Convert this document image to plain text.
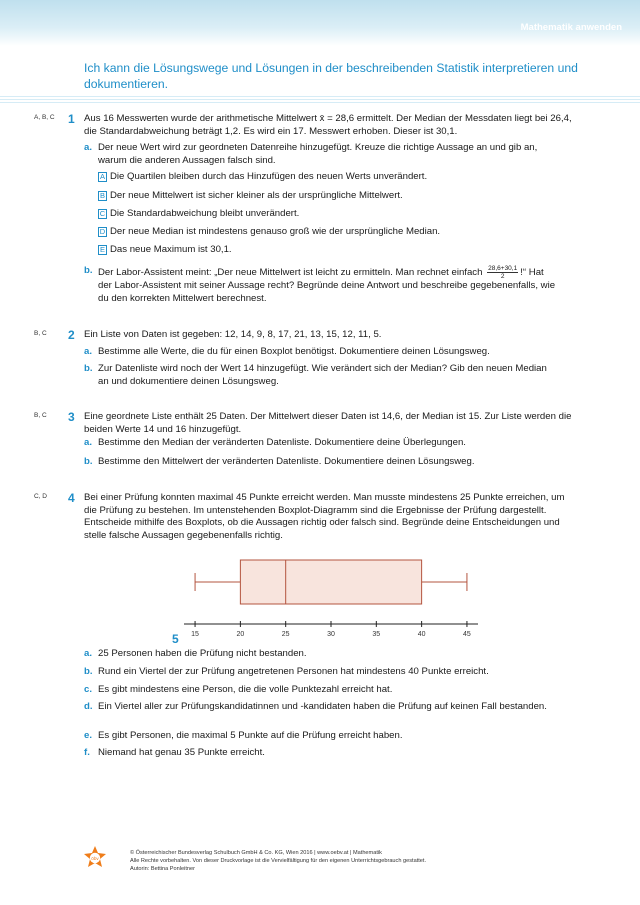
Mathematik anwenden
Ich kann die Lösungswege und Lösungen in der beschreibenden Statistik interpretieren und dokumentieren.
A, B, C 1 Aus 16 Messwerten wurde der arithmetische Mittelwert x̄ = 28,6 ermittelt. Der Median der Messdaten liegt bei 26,4, die Standardabweichung beträgt 1,2. Es wird ein 17. Messwert erhoben. Dieser ist 30,1.
a. Der neue Wert wird zur geordneten Datenreihe hinzugefügt. Kreuze die richtige Aussage an und gib an, warum die anderen Aussagen falsch sind.
A Die Quartilen bleiben durch das Hinzufügen des neuen Werts unverändert.
B Der neue Mittelwert ist sicher kleiner als der ursprüngliche Mittelwert.
C Die Standardabweichung bleibt unverändert.
D Der neue Median ist mindestens genauso groß wie der ursprüngliche Median.
E Das neue Maximum ist 30,1.
b. Der Labor-Assistent meint: „Der neue Mittelwert ist leicht zu ermitteln. Man rechnet einfach $\frac{28,6+30,1}{2}$ !“ Hat der Labor-Assistent mit seiner Aussage recht? Begründe deine Antwort und beschreibe gegebenenfalls, wie du den korrekten Mittelwert berechnest.
B, C 2 Ein Liste von Daten ist gegeben: 12, 14, 9, 8, 17, 21, 13, 15, 12, 11, 5.
a. Bestimme alle Werte, die du für einen Boxplot benötigst. Dokumentiere deinen Lösungsweg.
b. Zur Datenliste wird noch der Wert 14 hinzugefügt. Wie verändert sich der Median? Gib den neuen Median an und dokumentiere deinen Lösungsweg.
B, C 3 Eine geordnete Liste enthält 25 Daten. Der Mittelwert dieser Daten ist 14,6, der Median ist 15. Zur Liste werden die beiden Werte 14 und 16 hinzugefügt.
a. Bestimme den Median der veränderten Datenliste. Dokumentiere deine Überlegungen.
b. Bestimme den Mittelwert der veränderten Datenliste. Dokumentiere deinen Lösungsweg.
C, D 4 Bei einer Prüfung konnten maximal 45 Punkte erreicht werden. Man musste mindestens 25 Punkte erreichen, um die Prüfung zu bestehen. Im untenstehenden Boxplot-Diagramm sind die Ergebnisse der Prüfung dargestellt. Entscheide mithilfe des Boxplots, ob die Aussagen richtig oder falsch sind. Begründe deine Entscheidungen und stelle falsche Aussagen gegebenenfalls richtig.
15	20	25	30	35	40	45
5
a. 25 Personen haben die Prüfung nicht bestanden.
b. Rund ein Viertel der zur Prüfung angetretenen Personen hat mindestens 40 Punkte erreicht.
c. Es gibt mindestens eine Person, die die volle Punktezahl erreicht hat.
d. Ein Viertel aller zur Prüfungskandidatinnen und -kandidaten haben die Prüfung auf keinen Fall bestanden.
e. Es gibt Personen, die maximal 5 Punkte auf die Prüfung erreicht haben.
f. Niemand hat genau 35 Punkte erreicht.
öbv
© Österreichischer Bundesverlag Schulbuch GmbH & Co. KG, Wien 2016 | www.oebv.at | Mathematik
Alle Rechte vorbehalten. Von dieser Druckvorlage ist die Vervielfältigung für den eigenen Unterrichtsgebrauch gestattet.
Autorin: Bettina Ponleitner
